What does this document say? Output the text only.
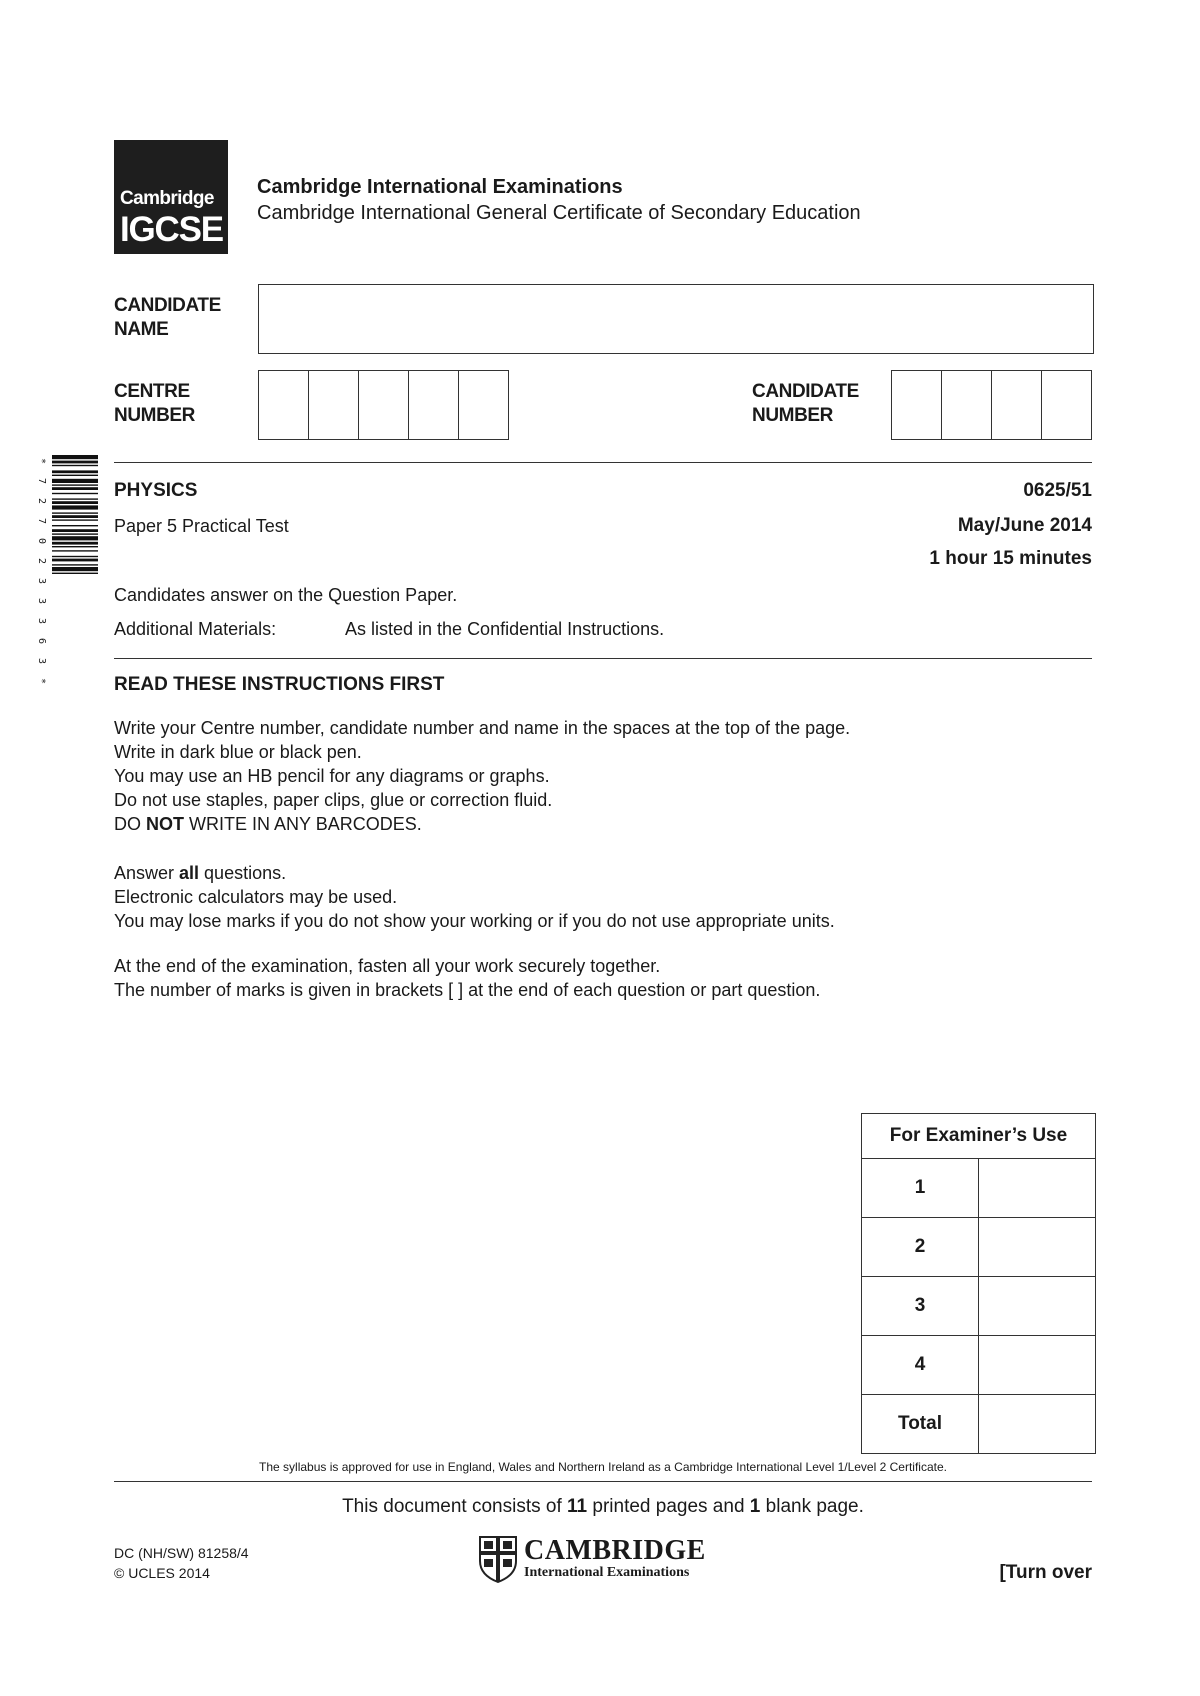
Cambridge
IGCSE
Cambridge International Examinations
Cambridge International General Certificate of Secondary Education
CANDIDATE
NAME
CENTRE
NUMBER
CANDIDATE
NUMBER
*
7
2
7
0
2
3
3
3
6
3
*
PHYSICS	0625/51
Paper 5 Practical Test	May/June 2014
1 hour 15 minutes
Candidates answer on the Question Paper.
Additional Materials:	As listed in the Confidential Instructions.
READ THESE INSTRUCTIONS FIRST

Write your Centre number, candidate number and name in the spaces at the top of the page.

Write in dark blue or black pen.

You may use an HB pencil for any diagrams or graphs.

Do not use staples, paper clips, glue or correction fluid.

DO NOT WRITE IN ANY BARCODES.

Answer all questions.

Electronic calculators may be used.

You may lose marks if you do not show your working or if you do not use appropriate units.

At the end of the examination, fasten all your work securely together.

The number of marks is given in brackets [ ] at the end of each question or part question.

For Examiner’s Use	
1	
2	
3	
4	
Total	
The syllabus is approved for use in England, Wales and Northern Ireland as a Cambridge International Level 1/Level 2 Certificate.
This document consists of 11 printed pages and 1 blank page.
DC (NH/SW) 81258/4
© UCLES 2014
CAMBRIDGE
International Examinations	[Turn over
